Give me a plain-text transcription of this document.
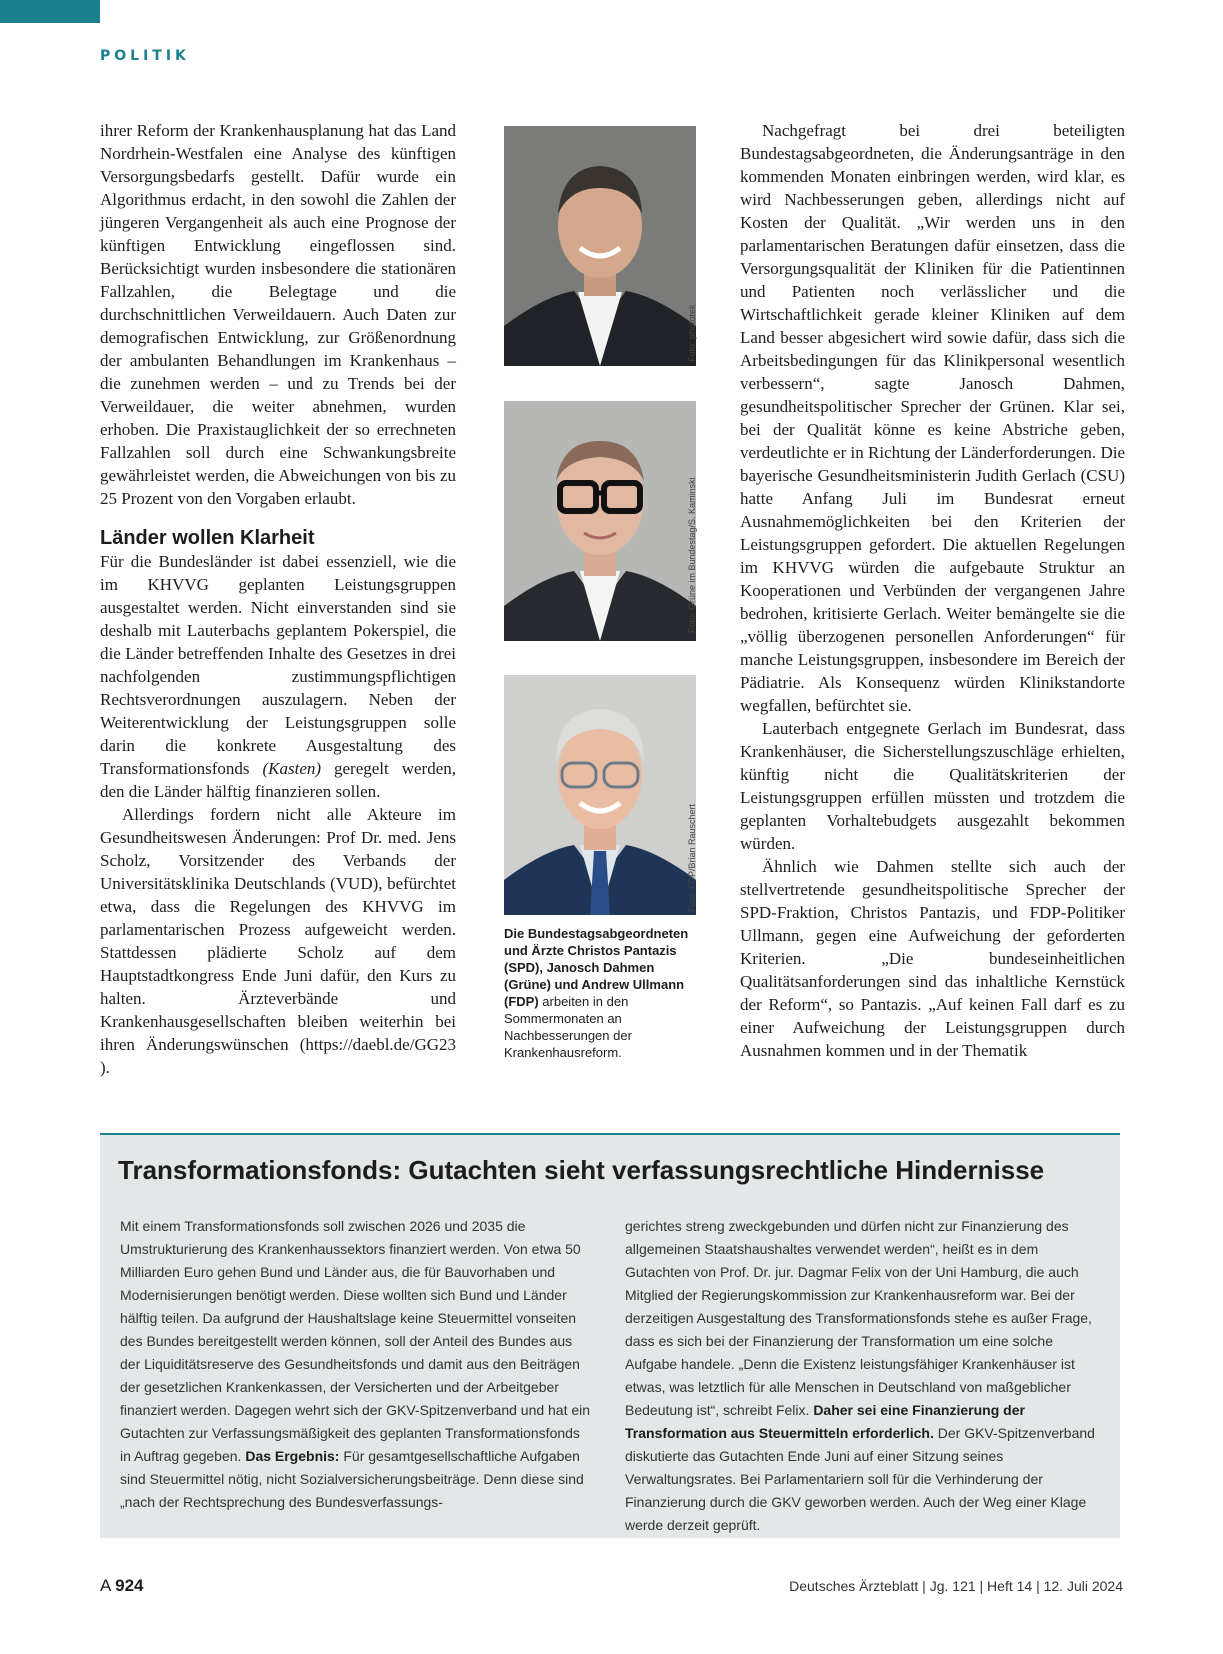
POLITIK

ihrer Reform der Krankenhausplanung hat das Land Nordrhein-Westfalen eine Analyse des künftigen Versorgungsbedarfs gestellt. Dafür wurde ein Algorithmus erdacht, in den sowohl die Zahlen der jüngeren Vergangenheit als auch eine Prognose der künftigen Entwicklung eingeflossen sind. Berücksichtigt wurden insbesondere die stationären Fallzahlen, die Belegtage und die durchschnittlichen Verweildauern. Auch Daten zur demografischen Entwicklung, zur Größenordnung der ambulanten Behandlungen im Krankenhaus – die zunehmen werden – und zu Trends bei der Verweildauer, die weiter abnehmen, wurden erhoben. Die Praxistauglichkeit der so errechneten Fallzahlen soll durch eine Schwankungsbreite gewährleistet werden, die Abweichungen von bis zu 25 Prozent von den Vorgaben erlaubt.

Länder wollen Klarheit

Für die Bundesländer ist dabei essenziell, wie die im KHVVG geplanten Leistungsgruppen ausgestaltet werden. Nicht einverstanden sind sie deshalb mit Lauterbachs geplantem Pokerspiel, die die Länder betreffenden Inhalte des Gesetzes in drei nachfolgenden zustimmungspflichtigen Rechtsverordnungen auszulagern. Neben der Weiterentwicklung der Leistungsgruppen solle darin die konkrete Ausgestaltung des Transformationsfonds (Kasten) geregelt werden, den die Länder hälftig finanzieren sollen.

Allerdings fordern nicht alle Akteure im Gesundheitswesen Änderungen: Prof Dr. med. Jens Scholz, Vorsitzender des Verbands der Universitätsklinika Deutschlands (VUD), befürchtet etwa, dass die Regelungen des KHVVG im parlamentarischen Prozess aufgeweicht werden. Stattdessen plädierte Scholz auf dem Hauptstadtkongress Ende Juni dafür, den Kurs zu halten. Ärzteverbände und Krankenhausgesellschaften bleiben weiterhin bei ihren Änderungswünschen (https://daebl.de/GG23 ).

Foto: phototek
Foto: Grüne im Bundestag/S. Kaminski
Foto: FDP/Brian Rauschert
Die Bundestagsabgeordneten und Ärzte Christos Pantazis (SPD), Janosch Dahmen (Grüne) und Andrew Ullmann (FDP) arbeiten in den Sommermonaten an Nachbesserungen der Krankenhausreform.

Nachgefragt bei drei beteiligten Bundestagsabgeordneten, die Änderungsanträge in den kommenden Monaten einbringen werden, wird klar, es wird Nachbesserungen geben, allerdings nicht auf Kosten der Qualität. „Wir werden uns in den parlamentarischen Beratungen dafür einsetzen, dass die Versorgungsqualität der Kliniken für die Patientinnen und Patienten noch verlässlicher und die Wirtschaftlichkeit gerade kleiner Kliniken auf dem Land besser abgesichert wird sowie dafür, dass sich die Arbeitsbedingungen für das Klinikpersonal wesentlich verbessern“, sagte Janosch Dahmen, gesundheitspolitischer Sprecher der Grünen. Klar sei, bei der Qualität könne es keine Abstriche geben, verdeutlichte er in Richtung der Länderforderungen. Die bayerische Gesundheitsministerin Judith Gerlach (CSU) hatte Anfang Juli im Bundesrat erneut Ausnahmemöglichkeiten bei den Kriterien der Leistungsgruppen gefordert. Die aktuellen Regelungen im KHVVG würden die aufgebaute Struktur an Kooperationen und Verbünden der vergangenen Jahre bedrohen, kritisierte Gerlach. Weiter bemängelte sie die „völlig überzogenen personellen Anforderungen“ für manche Leistungsgruppen, insbesondere im Bereich der Pädiatrie. Als Konsequenz würden Klinikstandorte wegfallen, befürchtet sie.

Lauterbach entgegnete Gerlach im Bundesrat, dass Krankenhäuser, die Sicherstellungszuschläge erhielten, künftig nicht die Qualitätskriterien der Leistungsgruppen erfüllen müssten und trotzdem die geplanten Vorhaltebudgets ausgezahlt bekommen würden.

Ähnlich wie Dahmen stellte sich auch der stellvertretende gesundheitspolitische Sprecher der SPD-Fraktion, Christos Pantazis, und FDP-Politiker Ullmann, gegen eine Aufweichung der geforderten Kriterien. „Die bundeseinheitlichen Qualitätsanforderungen sind das inhaltliche Kernstück der Reform“, so Pantazis. „Auf keinen Fall darf es zu einer Aufweichung der Leistungsgruppen durch Ausnahmen kommen und in der Thematik

Transformationsfonds: Gutachten sieht verfassungsrechtliche Hindernisse

Mit einem Transformationsfonds soll zwischen 2026 und 2035 die Umstrukturierung des Krankenhaussektors finanziert werden. Von etwa 50 Milliarden Euro gehen Bund und Länder aus, die für Bauvorhaben und Modernisierungen benötigt werden. Diese wollten sich Bund und Länder hälftig teilen. Da aufgrund der Haushaltslage keine Steuermittel vonseiten des Bundes bereitgestellt werden können, soll der Anteil des Bundes aus der Liquiditätsreserve des Gesundheitsfonds und damit aus den Beiträgen der gesetzlichen Krankenkassen, der Versicherten und der Arbeitgeber finanziert werden. Dagegen wehrt sich der GKV-Spitzenverband und hat ein Gutachten zur Verfassungsmäßigkeit des geplanten Transformationsfonds in Auftrag gegeben. Das Ergebnis: Für gesamtgesellschaftliche Aufgaben sind Steuermittel nötig, nicht Sozialversicherungsbeiträge. Denn diese sind „nach der Rechtsprechung des Bundesverfassungs-

gerichtes streng zweckgebunden und dürfen nicht zur Finanzierung des allgemeinen Staatshaushaltes verwendet werden“, heißt es in dem Gutachten von Prof. Dr. jur. Dagmar Felix von der Uni Hamburg, die auch Mitglied der Regierungskommission zur Krankenhausreform war. Bei der derzeitigen Ausgestaltung des Transformationsfonds stehe es außer Frage, dass es sich bei der Finanzierung der Transformation um eine solche Aufgabe handele. „Denn die Existenz leistungsfähiger Krankenhäuser ist etwas, was letztlich für alle Menschen in Deutschland von maßgeblicher Bedeutung ist“, schreibt Felix. Daher sei eine Finanzierung der Transformation aus Steuermitteln erforderlich. Der GKV-Spitzenverband diskutierte das Gutachten Ende Juni auf einer Sitzung seines Verwaltungsrates. Bei Parlamentariern soll für die Verhinderung der Finanzierung durch die GKV geworben werden. Auch der Weg einer Klage werde derzeit geprüft.

A 924	Deutsches Ärzteblatt | Jg. 121 | Heft 14 | 12. Juli 2024
